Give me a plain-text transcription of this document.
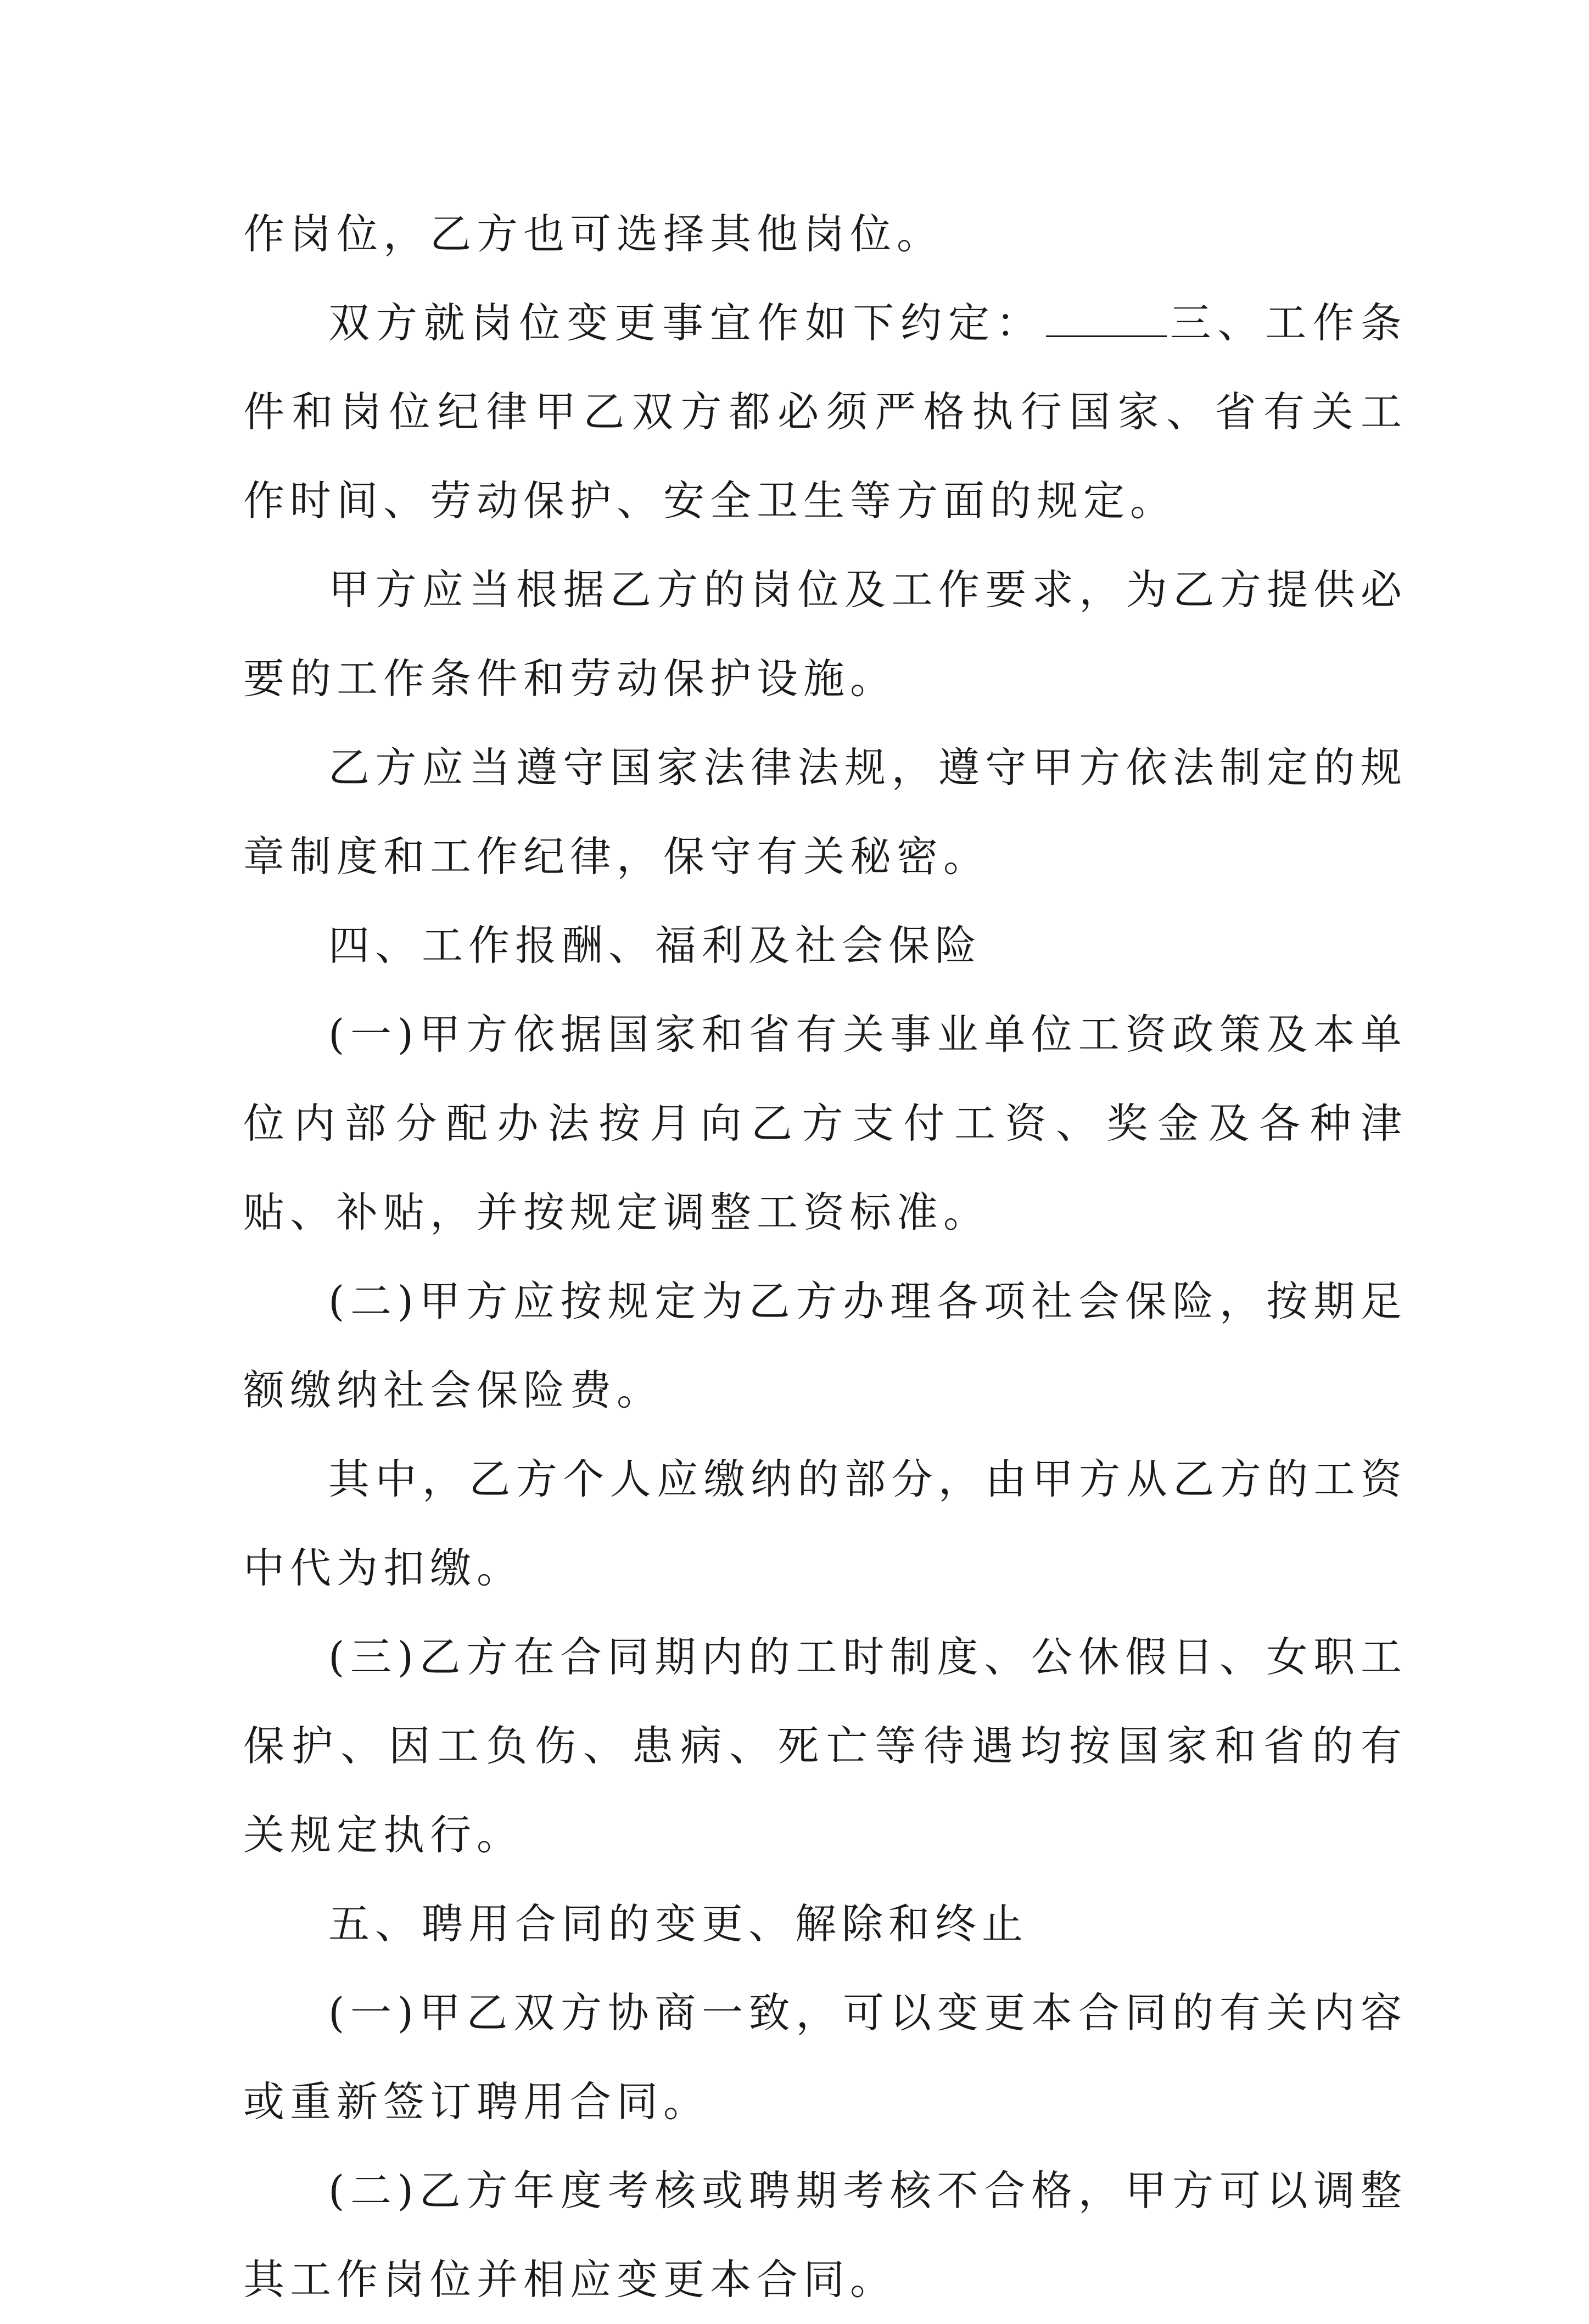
作岗位，乙方也可选择其他岗位。

双方就岗位变更事宜作如下约定：	三、工作条件和岗位纪律甲乙双方都必须严格执行国家、省有关工作时间、劳动保护、安全卫生等方面的规定。

甲方应当根据乙方的岗位及工作要求，为乙方提供必要的工作条件和劳动保护设施。

乙方应当遵守国家法律法规，遵守甲方依法制定的规章制度和工作纪律，保守有关秘密。

四、工作报酬、福利及社会保险

(一)甲方依据国家和省有关事业单位工资政策及本单位内部分配办法按月向乙方支付工资、奖金及各种津贴、补贴，并按规定调整工资标准。

(二)甲方应按规定为乙方办理各项社会保险，按期足额缴纳社会保险费。

其中，乙方个人应缴纳的部分，由甲方从乙方的工资中代为扣缴。

(三)乙方在合同期内的工时制度、公休假日、女职工保护、因工负伤、患病、死亡等待遇均按国家和省的有关规定执行。

五、聘用合同的变更、解除和终止

(一)甲乙双方协商一致，可以变更本合同的有关内容或重新签订聘用合同。

(二)乙方年度考核或聘期考核不合格，甲方可以调整其工作岗位并相应变更本合同。
